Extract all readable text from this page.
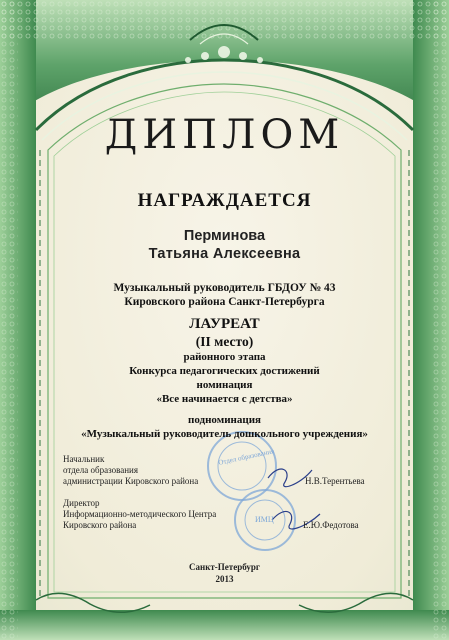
Отдел образования
ИМЦ
ДИПЛОМ
НАГРАЖДАЕТСЯ
Перминова
Татьяна Алексеевна
Музыкальный руководитель ГБДОУ № 43
Кировского района Санкт-Петербурга
ЛАУРЕАТ
(II место)
районного этапа
Конкурса педагогических достижений
номинация
«Все начинается с детства»
подноминация
«Музыкальный руководитель дошкольного учреждения»
Начальник
отдела образования
администрации Кировского района	Н.В.Терентьева
Директор
Информационно-методического Центра
Кировского района	Е.Ю.Федотова
Санкт-Петербург
2013
